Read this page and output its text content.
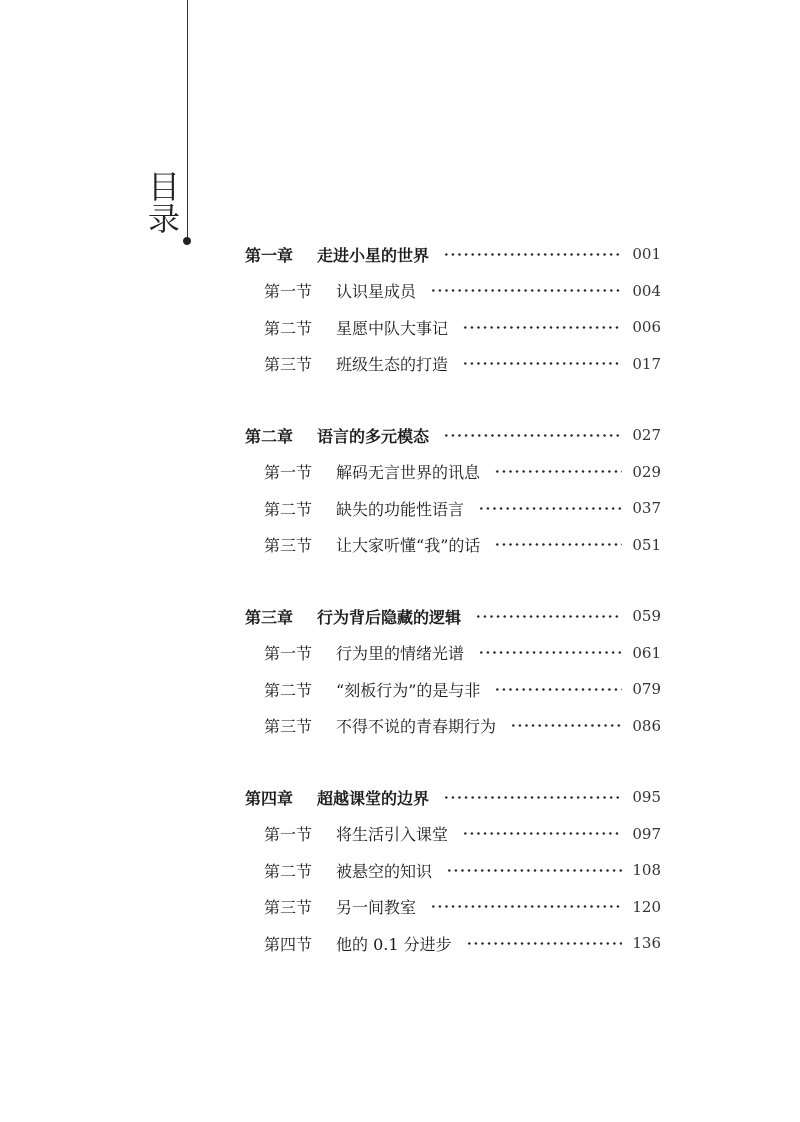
目录
第一章 走进小星的世界	001
第一节 认识星成员	004
第二节 星愿中队大事记	006
第三节 班级生态的打造	017
第二章 语言的多元模态	027
第一节 解码无言世界的讯息	029
第二节 缺失的功能性语言	037
第三节 让大家听懂“我”的话	051
第三章 行为背后隐藏的逻辑	059
第一节 行为里的情绪光谱	061
第二节 “刻板行为”的是与非	079
第三节 不得不说的青春期行为	086
第四章 超越课堂的边界	095
第一节 将生活引入课堂	097
第二节 被悬空的知识	108
第三节 另一间教室	120
第四节 他的 0.1 分进步	136
